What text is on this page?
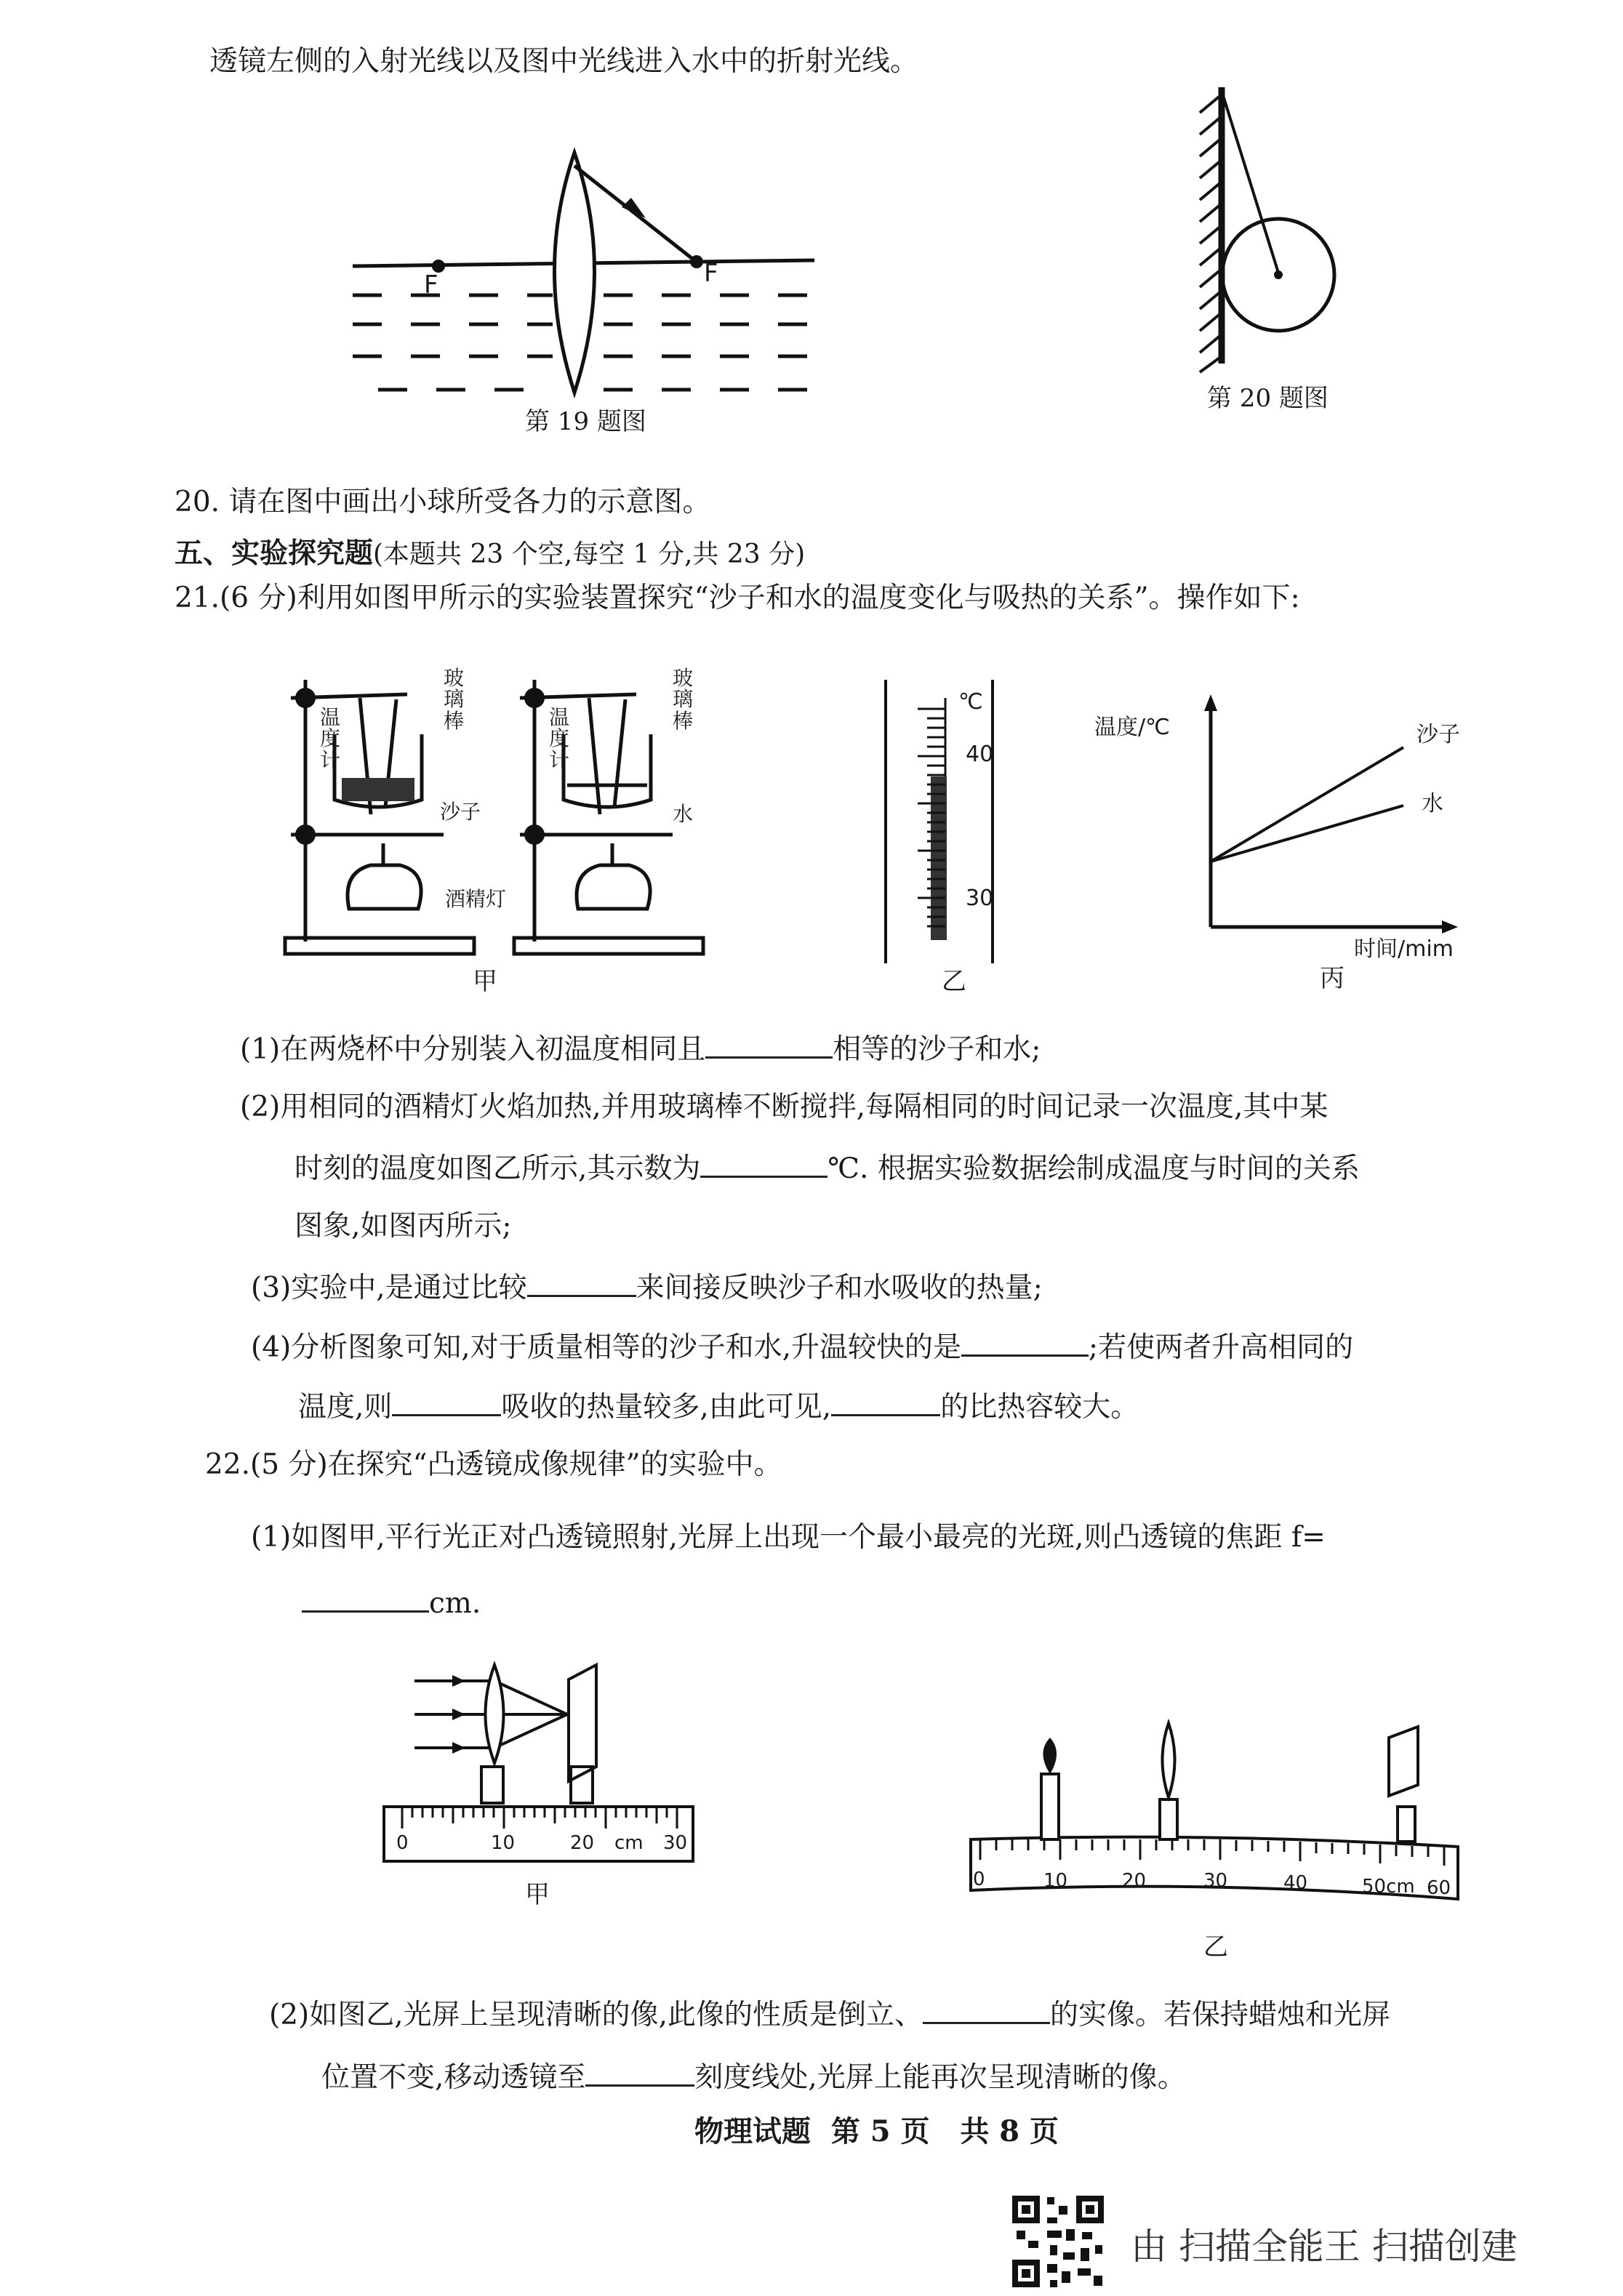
透镜左侧的入射光线以及图中光线进入水中的折射光线。
F	F
第 19 题图
第 20 题图
20. 请在图中画出小球所受各力的示意图。
五、实验探究题(本题共 23 个空,每空 1 分,共 23 分)
21.(6 分)利用如图甲所示的实验装置探究“沙子和水的温度变化与吸热的关系”。操作如下:
温度计
玻璃棒
沙子
酒精灯
温度计
玻璃棒
水
甲
℃
40
30
乙
温度/℃	沙子
水
时间/mim
丙
(1)在两烧杯中分别装入初温度相同且	相等的沙子和水;
(2)用相同的酒精灯火焰加热,并用玻璃棒不断搅拌,每隔相同的时间记录一次温度,其中某
时刻的温度如图乙所示,其示数为	℃. 根据实验数据绘制成温度与时间的关系
图象,如图丙所示;
(3)实验中,是通过比较	来间接反映沙子和水吸收的热量;
(4)分析图象可知,对于质量相等的沙子和水,升温较快的是	;若使两者升高相同的
温度,则	吸收的热量较多,由此可见,	的比热容较大。
22.(5 分)在探究“凸透镜成像规律”的实验中。
(1)如图甲,平行光正对凸透镜照射,光屏上出现一个最小最亮的光斑,则凸透镜的焦距 f=
cm.
0	10	20 cm 30
甲
0	10	20	30	40	50cm 60
乙
(2)如图乙,光屏上呈现清晰的像,此像的性质是倒立、	的实像。若保持蜡烛和光屏
位置不变,移动透镜至	刻度线处,光屏上能再次呈现清晰的像。
物理试题 第 5 页 共 8 页
由 扫描全能王 扫描创建
